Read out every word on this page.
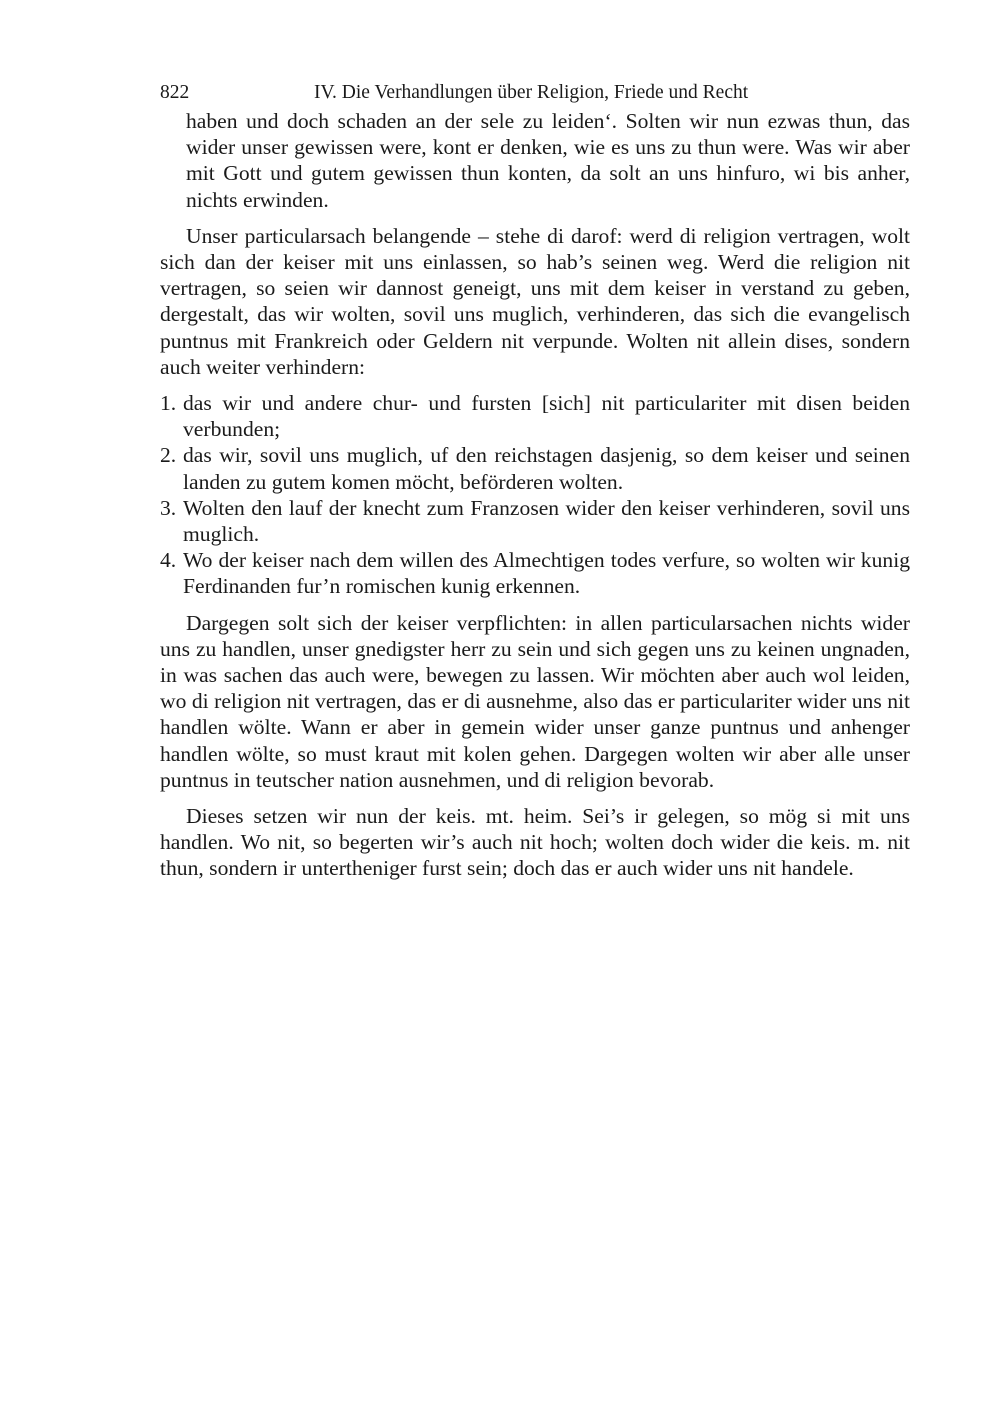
822	IV. Die Verhandlungen über Religion, Friede und Recht

haben und doch schaden an der sele zu leiden‘. Solten wir nun ezwas thun, das wider unser gewissen were, kont er denken, wie es uns zu thun were. Was wir aber mit Gott und gutem gewissen thun konten, da solt an uns hinfuro, wi bis anher, nichts erwinden.

Unser particularsach belangende – stehe di darof: werd di religion vertragen, wolt sich dan der keiser mit uns einlassen, so hab’s seinen weg. Werd die religion nit vertragen, so seien wir dannost geneigt, uns mit dem keiser in verstand zu geben, dergestalt, das wir wolten, sovil uns muglich, verhinderen, das sich die evangelisch puntnus mit Frankreich oder Geldern nit verpunde. Wolten nit allein dises, sondern auch weiter verhindern:

1. das wir und andere chur- und fursten [sich] nit particulariter mit disen beiden verbunden;
2. das wir, sovil uns muglich, uf den reichstagen dasjenig, so dem keiser und seinen landen zu gutem komen möcht, beförderen wolten.
3. Wolten den lauf der knecht zum Franzosen wider den keiser verhinderen, sovil uns muglich.
4. Wo der keiser nach dem willen des Almechtigen todes verfure, so wolten wir kunig Ferdinanden fur’n romischen kunig erkennen.

Dargegen solt sich der keiser verpflichten: in allen particularsachen nichts wider uns zu handlen, unser gnedigster herr zu sein und sich gegen uns zu keinen ungnaden, in was sachen das auch were, bewegen zu lassen. Wir möchten aber auch wol leiden, wo di religion nit vertragen, das er di ausnehme, also das er particulariter wider uns nit handlen wölte. Wann er aber in gemein wider unser ganze puntnus und anhenger handlen wölte, so must kraut mit kolen gehen. Dargegen wolten wir aber alle unser puntnus in teutscher nation ausnehmen, und di religion bevorab.

Dieses setzen wir nun der keis. mt. heim. Sei’s ir gelegen, so mög si mit uns handlen. Wo nit, so begerten wir’s auch nit hoch; wolten doch wider die keis. m. nit thun, sondern ir untertheniger furst sein; doch das er auch wider uns nit handele.
